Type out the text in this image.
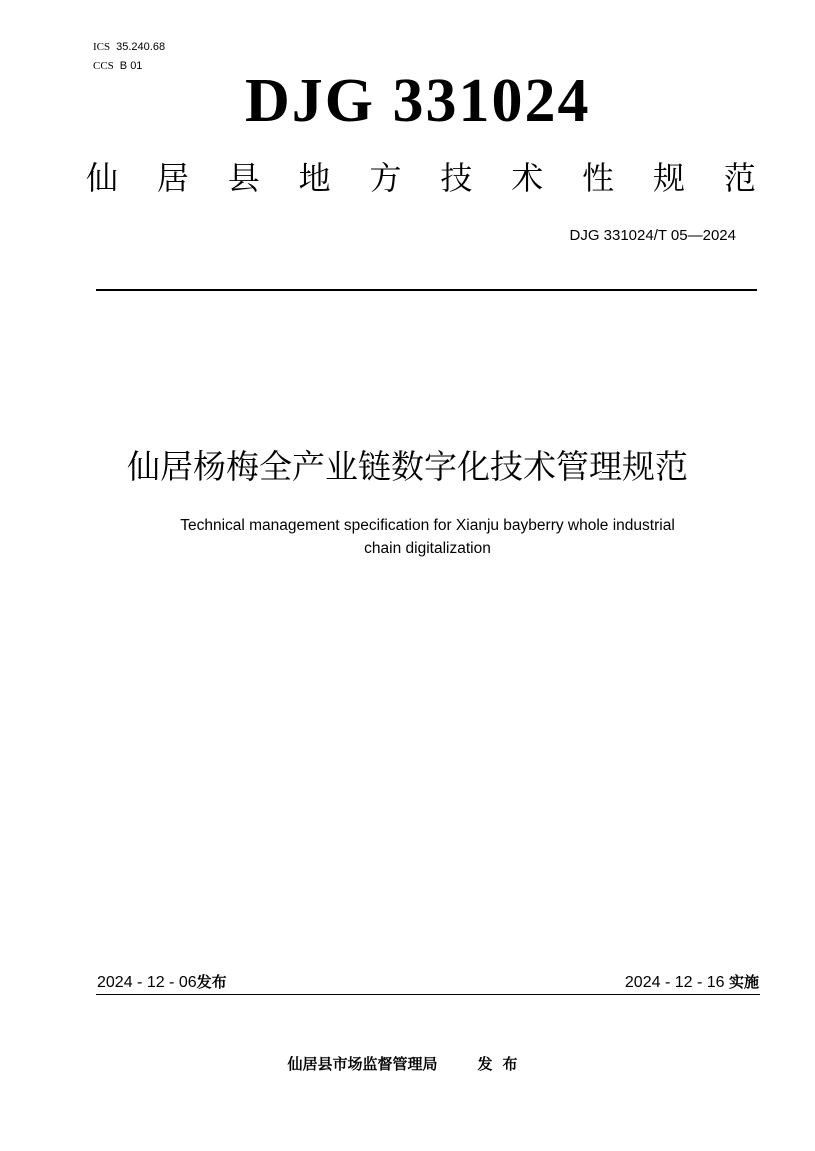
ICS 35.240.68
CCS B 01
DJG 331024
仙 居 县 地 方 技 术 性 规 范
DJG 331024/T 05—2024
仙居杨梅全产业链数字化技术管理规范
Technical management specification for Xianju bayberry whole industrial
chain digitalization
2024 - 12 - 06发布	2024 - 12 - 16 实施
仙居县市场监督管理局	发布
